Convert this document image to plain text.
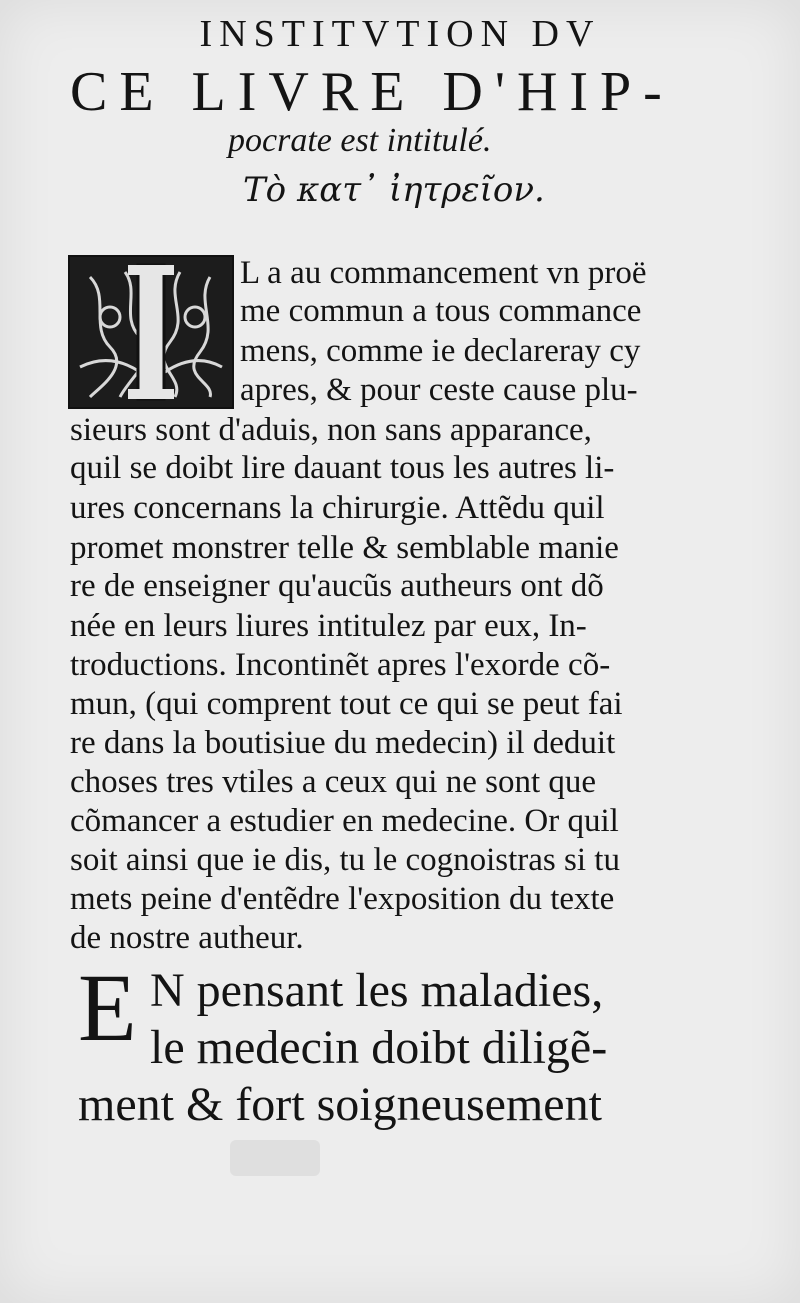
INSTITVTION DV
CE LIVRE D'HIP-
pocrate est intitulé.
Τὸ κατ᾽ ἰητρεῖον.
L a au commancement vn proë
me commun a tous commance
mens, comme ie declareray cy
apres, & pour ceste cause plu-
sieurs sont d'aduis, non sans apparance,
quil se doibt lire dauant tous les autres li-
ures concernans la chirurgie. Attẽdu quil
promet monstrer telle & semblable manie
re de enseigner qu'aucũs autheurs ont dõ
née en leurs liures intitulez par eux, In-
troductions. Incontinẽt apres l'exorde cõ-
mun, (qui comprent tout ce qui se peut fai
re dans la boutisiue du medecin) il deduit
choses tres vtiles a ceux qui ne sont que
cõmancer a estudier en medecine. Or quil
soit ainsi que ie dis, tu le cognoistras si tu
mets peine d'entẽdre l'exposition du texte
de nostre autheur.
E N pensant les maladies,
le medecin doibt diligẽ-
ment & fort soigneusement
